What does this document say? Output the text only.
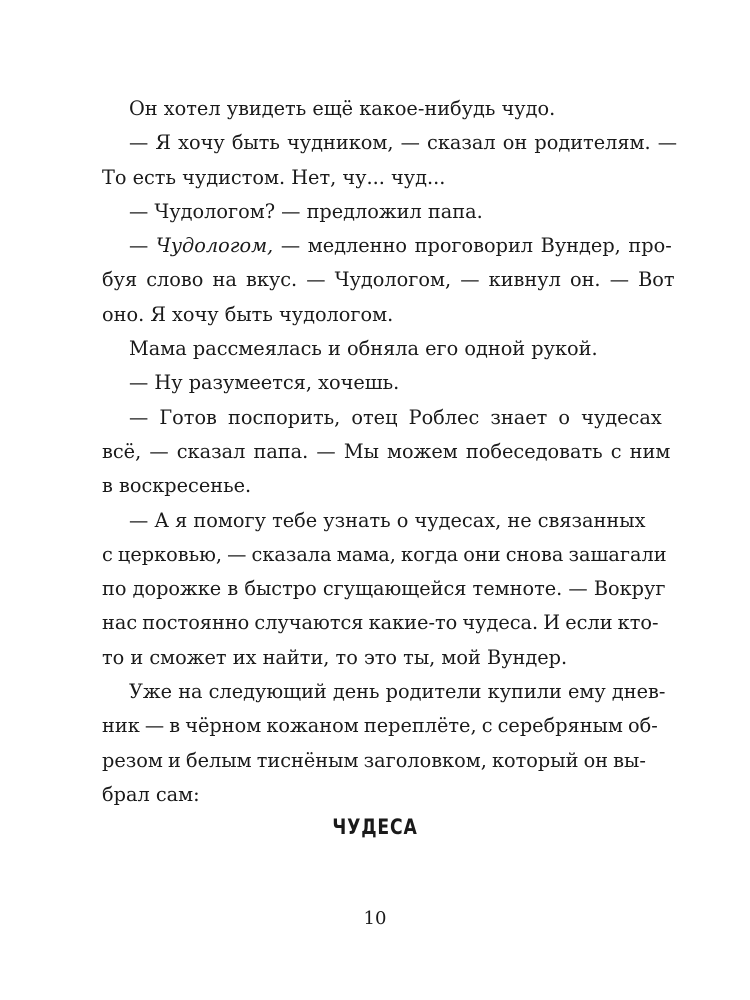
Он хотел увидеть ещё какое-нибудь чудо.
— Я хочу быть чудником, — сказал он родителям. —
То есть чудистом. Нет, чу... чуд...
— Чудологом? — предложил папа.
— Чудологом, — медленно проговорил Вундер, про-
буя слово на вкус. — Чудологом, — кивнул он. — Вот
оно. Я хочу быть чудологом.
Мама рассмеялась и обняла его одной рукой.
— Ну разумеется, хочешь.
— Готов поспорить, отец Роблес знает о чудесах
всё, — сказал папа. — Мы можем побеседовать с ним
в воскресенье.
— А я помогу тебе узнать о чудесах, не связанных
с церковью, — сказала мама, когда они снова зашагали
по дорожке в быстро сгущающейся темноте. — Вокруг
нас постоянно случаются какие-то чудеса. И если кто-
то и сможет их найти, то это ты, мой Вундер.
Уже на следующий день родители купили ему днев-
ник — в чёрном кожаном переплёте, с серебряным об-
резом и белым тиснёным заголовком, который он вы-
брал сам:
ЧУДЕСА
10
